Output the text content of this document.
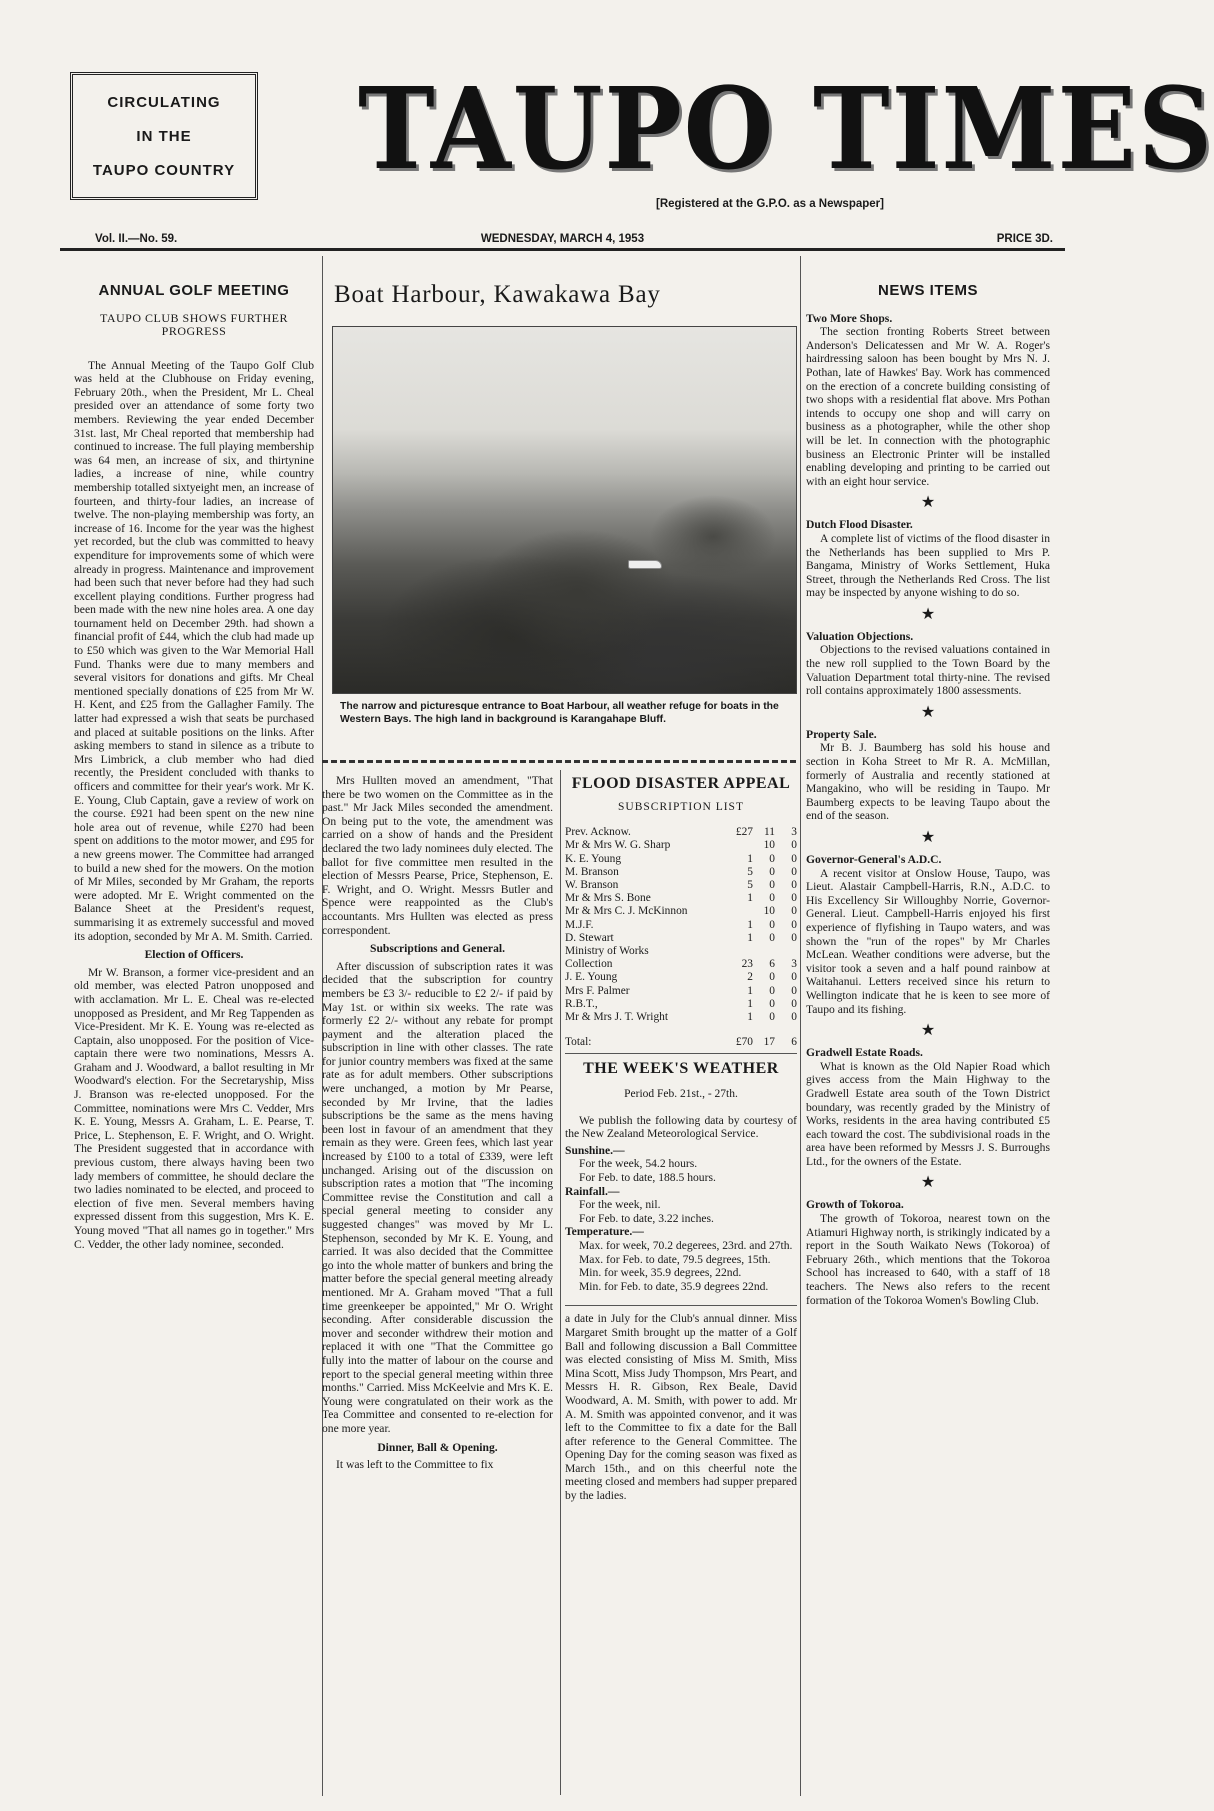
CIRCULATING
IN THE
TAUPO COUNTRY TAUPO TIMES
[Registered at the G.P.O. as a Newspaper]
Vol. II.—No. 59.	WEDNESDAY, MARCH 4, 1953	PRICE 3D.
ANNUAL GOLF MEETING
TAUPO CLUB SHOWS FURTHER PROGRESS

The Annual Meeting of the Taupo Golf Club was held at the Clubhouse on Friday evening, February 20th., when the President, Mr L. Cheal presided over an attendance of some forty two members. Reviewing the year ended December 31st. last, Mr Cheal reported that membership had continued to increase. The full playing membership was 64 men, an increase of six, and thirtynine ladies, a increase of nine, while country membership totalled sixtyeight men, an increase of fourteen, and thirty-four ladies, an increase of twelve. The non-playing membership was forty, an increase of 16. Income for the year was the highest yet recorded, but the club was committed to heavy expenditure for improvements some of which were already in progress. Maintenance and improvement had been such that never before had they had such excellent playing conditions. Further progress had been made with the new nine holes area. A one day tournament held on December 29th. had shown a financial profit of £44, which the club had made up to £50 which was given to the War Memorial Hall Fund. Thanks were due to many members and several visitors for donations and gifts. Mr Cheal mentioned specially donations of £25 from Mr W. H. Kent, and £25 from the Gallagher Family. The latter had expressed a wish that seats be purchased and placed at suitable positions on the links. After asking members to stand in silence as a tribute to Mrs Limbrick, a club member who had died recently, the President concluded with thanks to officers and committee for their year's work. Mr K. E. Young, Club Captain, gave a review of work on the course. £921 had been spent on the new nine hole area out of revenue, while £270 had been spent on additions to the motor mower, and £95 for a new greens mower. The Committee had arranged to build a new shed for the mowers. On the motion of Mr Miles, seconded by Mr Graham, the reports were adopted. Mr E. Wright commented on the Balance Sheet at the President's request, summarising it as extremely successful and moved its adoption, seconded by Mr A. M. Smith. Carried.

Election of Officers.

Mr W. Branson, a former vice-president and an old member, was elected Patron unopposed and with acclamation. Mr L. E. Cheal was re-elected unopposed as President, and Mr Reg Tappenden as Vice-President. Mr K. E. Young was re-elected as Captain, also unopposed. For the position of Vice-captain there were two nominations, Messrs A. Graham and J. Woodward, a ballot resulting in Mr Woodward's election. For the Secretaryship, Miss J. Branson was re-elected unopposed. For the Committee, nominations were Mrs C. Vedder, Mrs K. E. Young, Messrs A. Graham, L. E. Pearse, T. Price, L. Stephenson, E. F. Wright, and O. Wright. The President suggested that in accordance with previous custom, there always having been two lady members of committee, he should declare the two ladies nominated to be elected, and proceed to election of five men. Several members having expressed dissent from this suggestion, Mrs K. E. Young moved "That all names go in together." Mrs C. Vedder, the other lady nominee, seconded.

Boat Harbour, Kawakawa Bay
The narrow and picturesque entrance to Boat Harbour, all weather refuge for boats in the Western Bays. The high land in background is Karangahape Bluff.

Mrs Hullten moved an amendment, "That there be two women on the Committee as in the past." Mr Jack Miles seconded the amendment. On being put to the vote, the amendment was carried on a show of hands and the President declared the two lady nominees duly elected. The ballot for five committee men resulted in the election of Messrs Pearse, Price, Stephenson, E. F. Wright, and O. Wright. Messrs Butler and Spence were reappointed as the Club's accountants. Mrs Hullten was elected as press correspondent.

Subscriptions and General.

After discussion of subscription rates it was decided that the subscription for country members be £3 3/- reducible to £2 2/- if paid by May 1st. or within six weeks. The rate was formerly £2 2/- without any rebate for prompt payment and the alteration placed the subscription in line with other classes. The rate for junior country members was fixed at the same rate as for adult members. Other subscriptions were unchanged, a motion by Mr Pearse, seconded by Mr Irvine, that the ladies subscriptions be the same as the mens having been lost in favour of an amendment that they remain as they were. Green fees, which last year increased by £100 to a total of £339, were left unchanged. Arising out of the discussion on subscription rates a motion that "The incoming Committee revise the Constitution and call a special general meeting to consider any suggested changes" was moved by Mr L. Stephenson, seconded by Mr K. E. Young, and carried. It was also decided that the Committee go into the whole matter of bunkers and bring the matter before the special general meeting already mentioned. Mr A. Graham moved "That a full time greenkeeper be appointed," Mr O. Wright seconding. After considerable discussion the mover and seconder withdrew their motion and replaced it with one "That the Committee go fully into the matter of labour on the course and report to the special general meeting within three months." Carried. Miss McKeelvie and Mrs K. E. Young were congratulated on their work as the Tea Committee and consented to re-election for one more year.

Dinner, Ball & Opening.

It was left to the Committee to fix

FLOOD DISASTER APPEAL
SUBSCRIPTION LIST
Prev. Acknow.	£27	11	3
Mr & Mrs W. G. Sharp		10	0
K. E. Young	1	0	0
M. Branson	5	0	0
W. Branson	5	0	0
Mr & Mrs S. Bone	1	0	0
Mr & Mrs C. J. McKinnon		10	0
M.J.F.	1	0	0
D. Stewart	1	0	0
Ministry of Works			
Collection	23	6	3
J. E. Young	2	0	0
Mrs F. Palmer	1	0	0
R.B.T.,	1	0	0
Mr & Mrs J. T. Wright	1	0	0
Total:	£70	17	6
THE WEEK'S WEATHER
Period Feb. 21st., - 27th.

We publish the following data by courtesy of the New Zealand Meteorological Service.

Sunshine.—
For the week, 54.2 hours.
For Feb. to date, 188.5 hours.
Rainfall.—
For the week, nil.
For Feb. to date, 3.22 inches.
Temperature.—
Max. for week, 70.2 degerees, 23rd. and 27th.
Max. for Feb. to date, 79.5 degrees, 15th.
Min. for week, 35.9 degrees, 22nd.
Min. for Feb. to date, 35.9 degrees 22nd.

a date in July for the Club's annual dinner. Miss Margaret Smith brought up the matter of a Golf Ball and following discussion a Ball Committee was elected consisting of Miss M. Smith, Miss Mina Scott, Miss Judy Thompson, Mrs Peart, and Messrs H. R. Gibson, Rex Beale, David Woodward, A. M. Smith, with power to add. Mr A. M. Smith was appointed convenor, and it was left to the Committee to fix a date for the Ball after reference to the General Committee. The Opening Day for the coming season was fixed as March 15th., and on this cheerful note the meeting closed and members had supper prepared by the ladies.

NEWS ITEMS
Two More Shops.

The section fronting Roberts Street between Anderson's Delicatessen and Mr W. A. Roger's hairdressing saloon has been bought by Mrs N. J. Pothan, late of Hawkes' Bay. Work has commenced on the erection of a concrete building consisting of two shops with a residential flat above. Mrs Pothan intends to occupy one shop and will carry on business as a photographer, while the other shop will be let. In connection with the photographic business an Electronic Printer will be installed enabling developing and printing to be carried out with an eight hour service.

★
Dutch Flood Disaster.

A complete list of victims of the flood disaster in the Netherlands has been supplied to Mrs P. Bangama, Ministry of Works Settlement, Huka Street, through the Netherlands Red Cross. The list may be inspected by anyone wishing to do so.

★
Valuation Objections.

Objections to the revised valuations contained in the new roll supplied to the Town Board by the Valuation Department total thirty-nine. The revised roll contains approximately 1800 assessments.

★
Property Sale.

Mr B. J. Baumberg has sold his house and section in Koha Street to Mr R. A. McMillan, formerly of Australia and recently stationed at Mangakino, who will be residing in Taupo. Mr Baumberg expects to be leaving Taupo about the end of the season.

★
Governor-General's A.D.C.

A recent visitor at Onslow House, Taupo, was Lieut. Alastair Campbell-Harris, R.N., A.D.C. to His Excellency Sir Willoughby Norrie, Governor-General. Lieut. Campbell-Harris enjoyed his first experience of flyfishing in Taupo waters, and was shown the "run of the ropes" by Mr Charles McLean. Weather conditions were adverse, but the visitor took a seven and a half pound rainbow at Waitahanui. Letters received since his return to Wellington indicate that he is keen to see more of Taupo and its fishing.

★
Gradwell Estate Roads.

What is known as the Old Napier Road which gives access from the Main Highway to the Gradwell Estate area south of the Town District boundary, was recently graded by the Ministry of Works, residents in the area having contributed £5 each toward the cost. The subdivisional roads in the area have been reformed by Messrs J. S. Burroughs Ltd., for the owners of the Estate.

★
Growth of Tokoroa.

The growth of Tokoroa, nearest town on the Atiamuri Highway north, is strikingly indicated by a report in the South Waikato News (Tokoroa) of February 26th., which mentions that the Tokoroa School has increased to 640, with a staff of 18 teachers. The News also refers to the recent formation of the Tokoroa Women's Bowling Club.
